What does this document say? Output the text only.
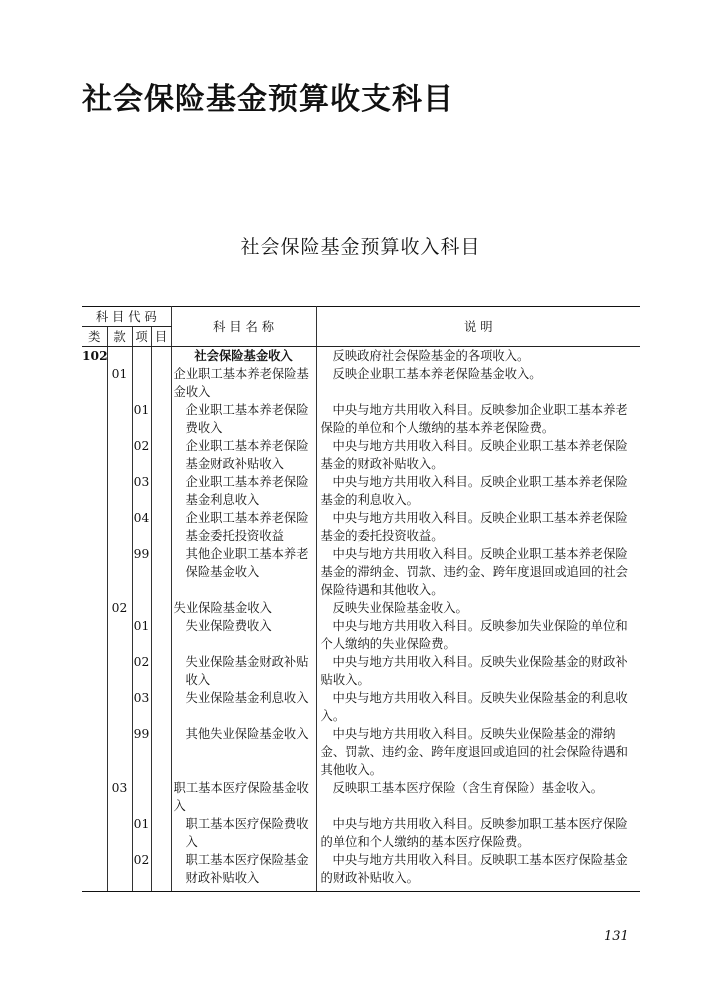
社会保险基金预算收支科目
社会保险基金预算收入科目
科 目 代 码				科 目 名 称	说 明
类	款	项	目		
102				社会保险基金收入	反映政府社会保险基金的各项收入。
	01			企业职工基本养老保险基金收入	反映企业职工基本养老保险基金收入。
		01		企业职工基本养老保险费收入	中央与地方共用收入科目。反映参加企业职工基本养老保险的单位和个人缴纳的基本养老保险费。
		02		企业职工基本养老保险基金财政补贴收入	中央与地方共用收入科目。反映企业职工基本养老保险基金的财政补贴收入。
		03		企业职工基本养老保险基金利息收入	中央与地方共用收入科目。反映企业职工基本养老保险基金的利息收入。
		04		企业职工基本养老保险基金委托投资收益	中央与地方共用收入科目。反映企业职工基本养老保险基金的委托投资收益。
		99		其他企业职工基本养老保险基金收入	中央与地方共用收入科目。反映企业职工基本养老保险基金的滞纳金、罚款、违约金、跨年度退回或追回的社会保险待遇和其他收入。
	02			失业保险基金收入	反映失业保险基金收入。
		01		失业保险费收入	中央与地方共用收入科目。反映参加失业保险的单位和个人缴纳的失业保险费。
		02		失业保险基金财政补贴收入	中央与地方共用收入科目。反映失业保险基金的财政补贴收入。
		03		失业保险基金利息收入	中央与地方共用收入科目。反映失业保险基金的利息收入。
		99		其他失业保险基金收入	中央与地方共用收入科目。反映失业保险基金的滞纳金、罚款、违约金、跨年度退回或追回的社会保险待遇和其他收入。
	03			职工基本医疗保险基金收入	反映职工基本医疗保险（含生育保险）基金收入。
		01		职工基本医疗保险费收入	中央与地方共用收入科目。反映参加职工基本医疗保险的单位和个人缴纳的基本医疗保险费。
		02		职工基本医疗保险基金财政补贴收入	中央与地方共用收入科目。反映职工基本医疗保险基金的财政补贴收入。
131
